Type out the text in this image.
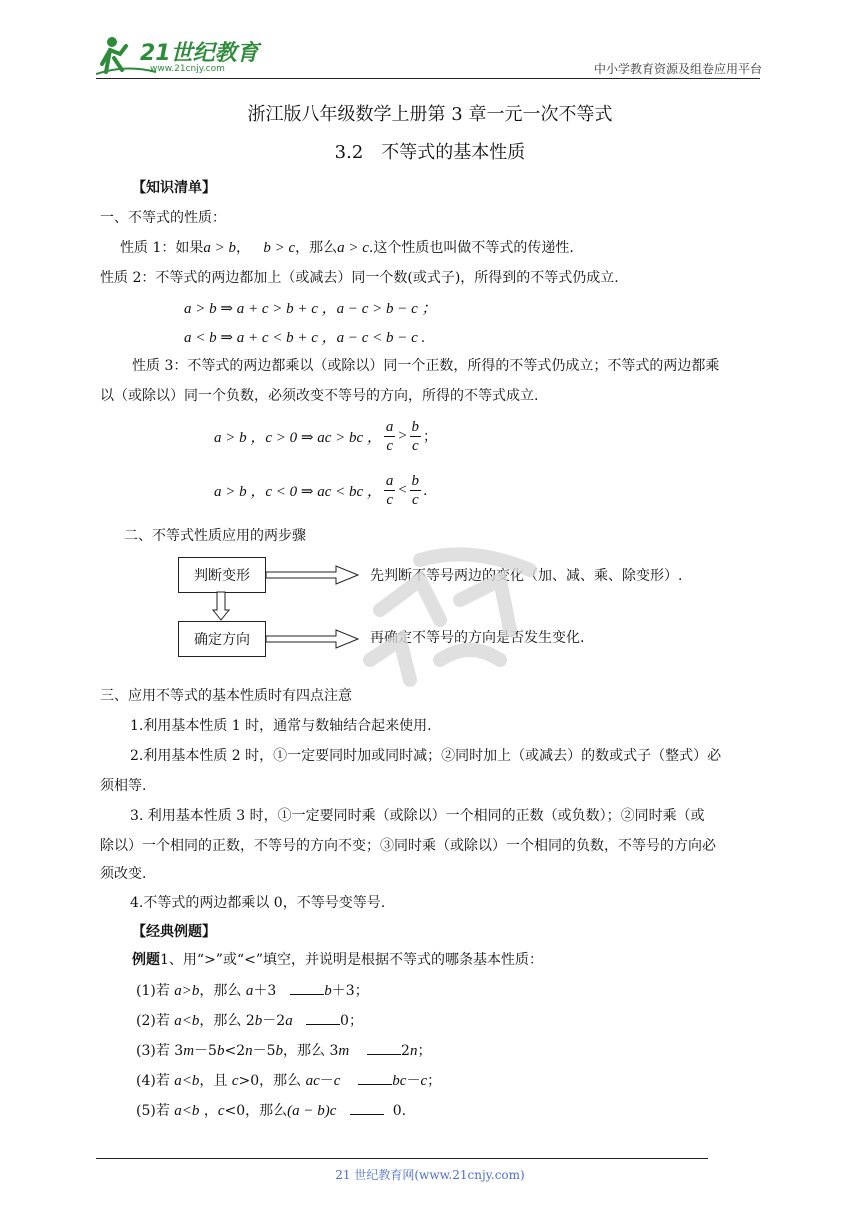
21世纪教育
www.21cnjy.com	中小学教育资源及组卷应用平台
浙江版八年级数学上册第 3 章一元一次不等式
3.2　不等式的基本性质
【知识清单】
一、不等式的性质：
性质 1：如果a > b， b > c，那么a > c.这个性质也叫做不等式的传递性.
性质 2：不等式的两边都加上（或减去）同一个数(或式子)，所得到的不等式仍成立.
a > b ⇒ a + c > b + c ，a − c > b − c ；
a < b ⇒ a + c < b + c ，a − c < b − c .
性质 3：不等式的两边都乘以（或除以）同一个正数，所得的不等式仍成立；不等式的两边都乘
以（或除以）同一个负数，必须改变不等号的方向，所得的不等式成立.
a > b ，c > 0 ⇒ ac > bc ， $\frac{a}{c} > \frac{b}{c}$ ；
a > b ，c < 0 ⇒ ac < bc ， $\frac{a}{c} < \frac{b}{c}$ .
二、不等式性质应用的两步骤
判断变形
确定方向
先判断不等号两边的变化（加、减、乘、除变形）.
再确定不等号的方向是否发生变化.
三、应用不等式的基本性质时有四点注意
1.利用基本性质 1 时，通常与数轴结合起来使用.
2.利用基本性质 2 时，①一定要同时加或同时减；②同时加上（或减去）的数或式子（整式）必
须相等.
3. 利用基本性质 3 时，①一定要同时乘（或除以）一个相同的正数（或负数）；②同时乘（或
除以）一个相同的正数，不等号的方向不变；③同时乘（或除以）一个相同的负数，不等号的方向必
须改变.
4.不等式的两边都乘以 0，不等号变等号.
【经典例题】
例题1、用“>”或“<”填空，并说明是根据不等式的哪条基本性质：
(1)若 a>b，那么 a＋3　b＋3；
(2)若 a<b，那么 2b－2a	0；
(3)若 3m－5b<2n－5b，那么 3m	2n；
(4)若 a<b，且 c>0，那么 ac－c	bc－c；
(5)若 a<b ，c<0，那么(a − b)c	0.
21 世纪教育网(www.21cnjy.com)
